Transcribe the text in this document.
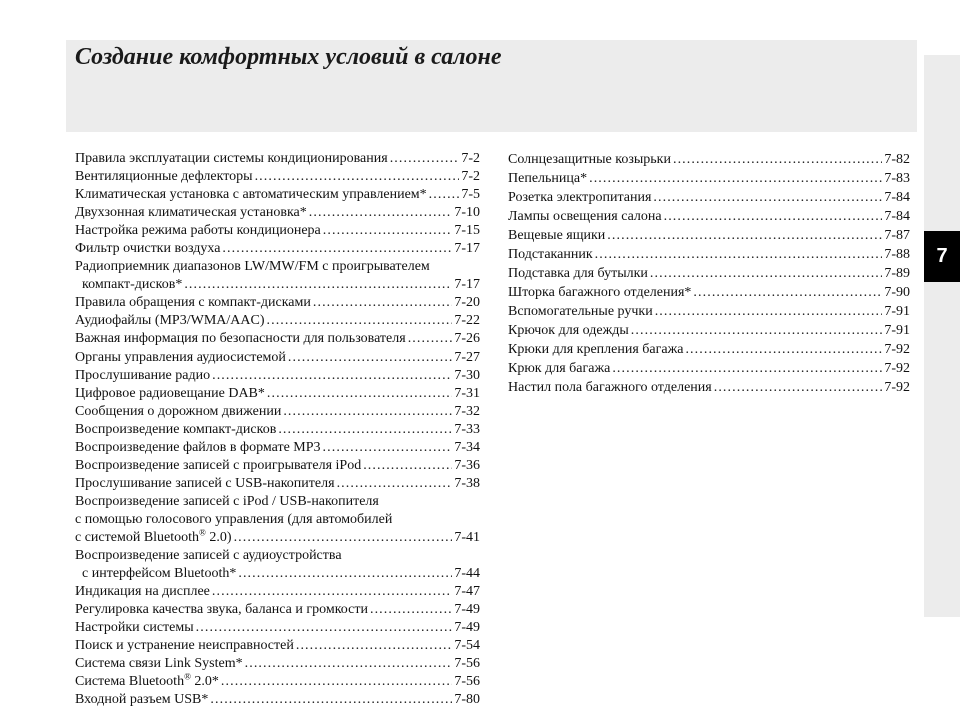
Создание комфортных условий в салоне
7
Правила эксплуатации системы кондиционирования . . .	7-2
Вентиляционные дефлекторы . . .	7-2
Климатическая установка с автоматическим управлением* . . . 7-5
Двухзонная климатическая установка* . . .	7-10
Настройка режима работы кондиционера . . .	7-15
Фильтр очистки воздуха . . .	7-17
Радиоприемник диапазонов LW/MW/FM с проигрывателем
компакт-дисков* . . .	7-17
Правила обращения с компакт-дисками . . .	7-20
Аудиофайлы (MP3/WMA/AAC) . . .	7-22
Важная информация по безопасности для пользователя . . .	7-26
Органы управления аудиосистемой . . .	7-27
Прослушивание радио . . .	7-30
Цифровое радиовещание DAB* . . .	7-31
Сообщения о дорожном движении . . .	7-32
Воспроизведение компакт-дисков . . .	7-33
Воспроизведение файлов в формате MP3 . . .	7-34
Воспроизведение записей с проигрывателя iPod . . .	7-36
Прослушивание записей с USB-накопителя . . .	7-38
Воспроизведение записей с iPod / USB-накопителя
с помощью голосового управления (для автомобилей
с системой Bluetooth® 2.0) . . .	7-41
Воспроизведение записей с аудиоустройства
с интерфейсом Bluetooth* . . .	7-44
Индикация на дисплее . . .	7-47
Регулировка качества звука, баланса и громкости . . .	7-49
Настройки системы . . .	7-49
Поиск и устранение неисправностей . . .	7-54
Система связи Link System* . . .	7-56
Система Bluetooth® 2.0* . . .	7-56
Входной разъем USB* . . .	7-80
Солнцезащитные козырьки . . .	7-82
Пепельница* . . .	7-83
Розетка электропитания . . .	7-84
Лампы освещения салона . . .	7-84
Вещевые ящики . . .	7-87
Подстаканник . . .	7-88
Подставка для бутылки . . .	7-89
Шторка багажного отделения* . . .	7-90
Вспомогательные ручки . . .	7-91
Крючок для одежды . . .	7-91
Крюки для крепления багажа . . .	7-92
Крюк для багажа . . .	7-92
Настил пола багажного отделения . . .	7-92
